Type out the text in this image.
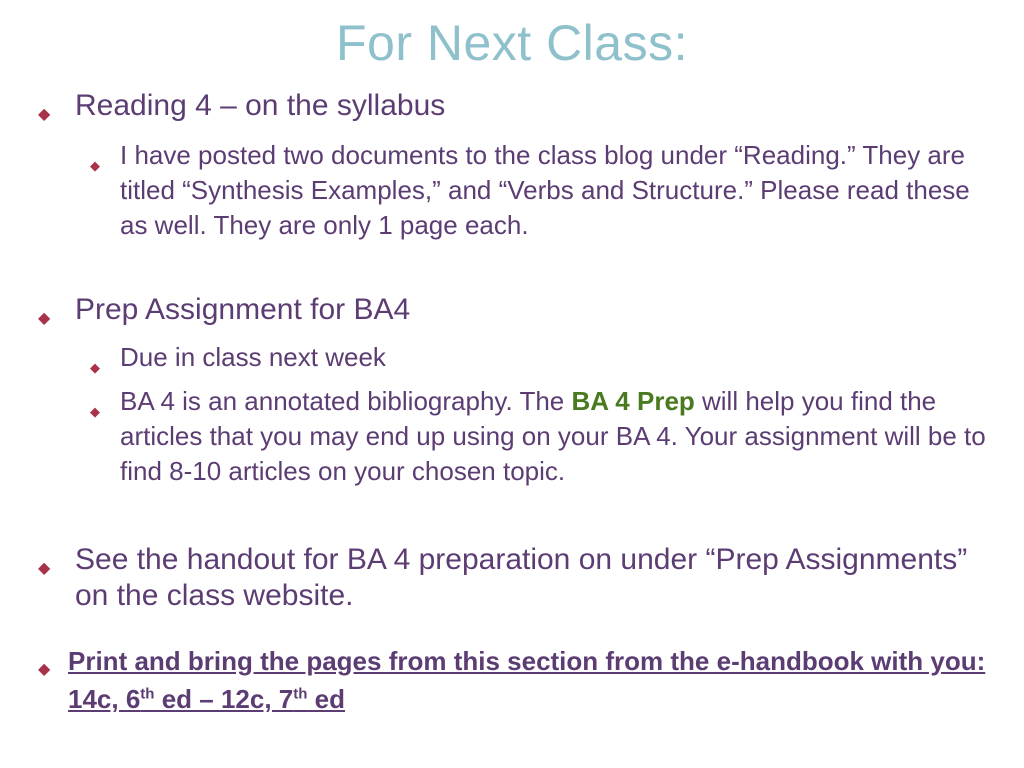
For Next Class:
◆ Reading 4 – on the syllabus
◆ I have posted two documents to the class blog under “Reading.” They are titled “Synthesis Examples,” and “Verbs and Structure.” Please read these as well. They are only 1 page each.
◆ Prep Assignment for BA4
◆ Due in class next week
◆ BA 4 is an annotated bibliography. The BA 4 Prep will help you find the articles that you may end up using on your BA 4. Your assignment will be to find 8-10 articles on your chosen topic.
◆ See the handout for BA 4 preparation on under “Prep Assignments” on the class website.
◆ Print and bring the pages from this section from the e-handbook with you: 14c, 6th ed – 12c, 7th ed
